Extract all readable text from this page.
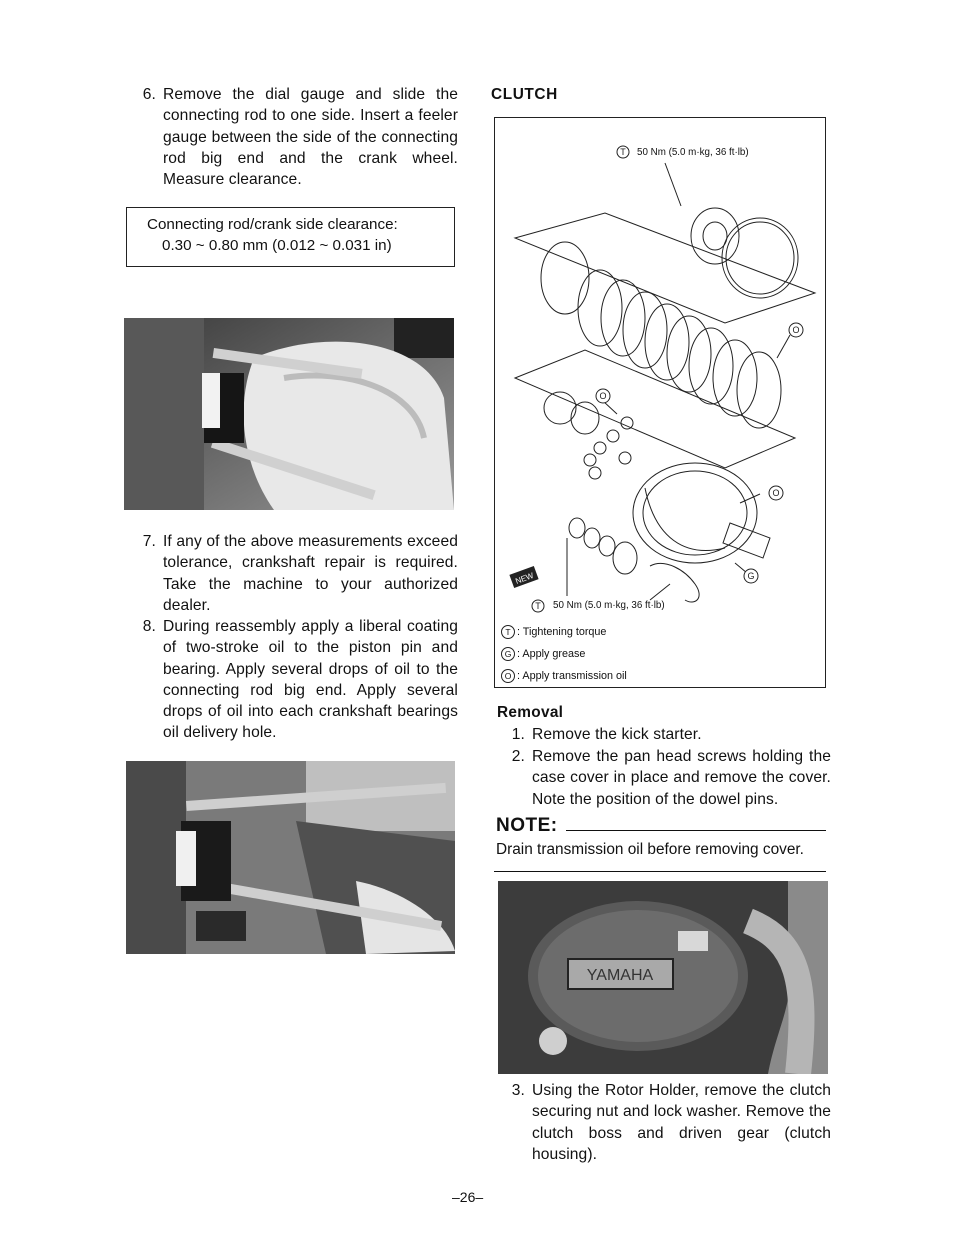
6. Remove the dial gauge and slide the connecting rod to one side. Insert a feeler gauge between the side of the connecting rod big end and the crank wheel. Measure clearance.
Connecting rod/crank side clearance:
0.30 ~ 0.80 mm (0.012 ~ 0.031 in)
7. If any of the above measurements exceed tolerance, crankshaft repair is required. Take the machine to your authorized dealer.
8. During reassembly apply a liberal coating of two-stroke oil to the piston pin and bearing. Apply several drops of oil to the connecting rod big end. Apply several drops of oil into each crankshaft bearings oil delivery hole.
CLUTCH
T
O
O
O
G
T
NEW
50 Nm (5.0 m·kg, 36 ft·lb)
50 Nm (5.0 m·kg, 36 ft·lb)
T : Tightening torque
G : Apply grease
O : Apply transmission oil
Removal
1. Remove the kick starter.
2. Remove the pan head screws holding the case cover in place and remove the cover. Note the position of the dowel pins.
NOTE:
Drain transmission oil before removing cover.
YAMAHA
3. Using the Rotor Holder, remove the clutch securing nut and lock washer. Remove the clutch boss and driven gear (clutch housing).
–26–
